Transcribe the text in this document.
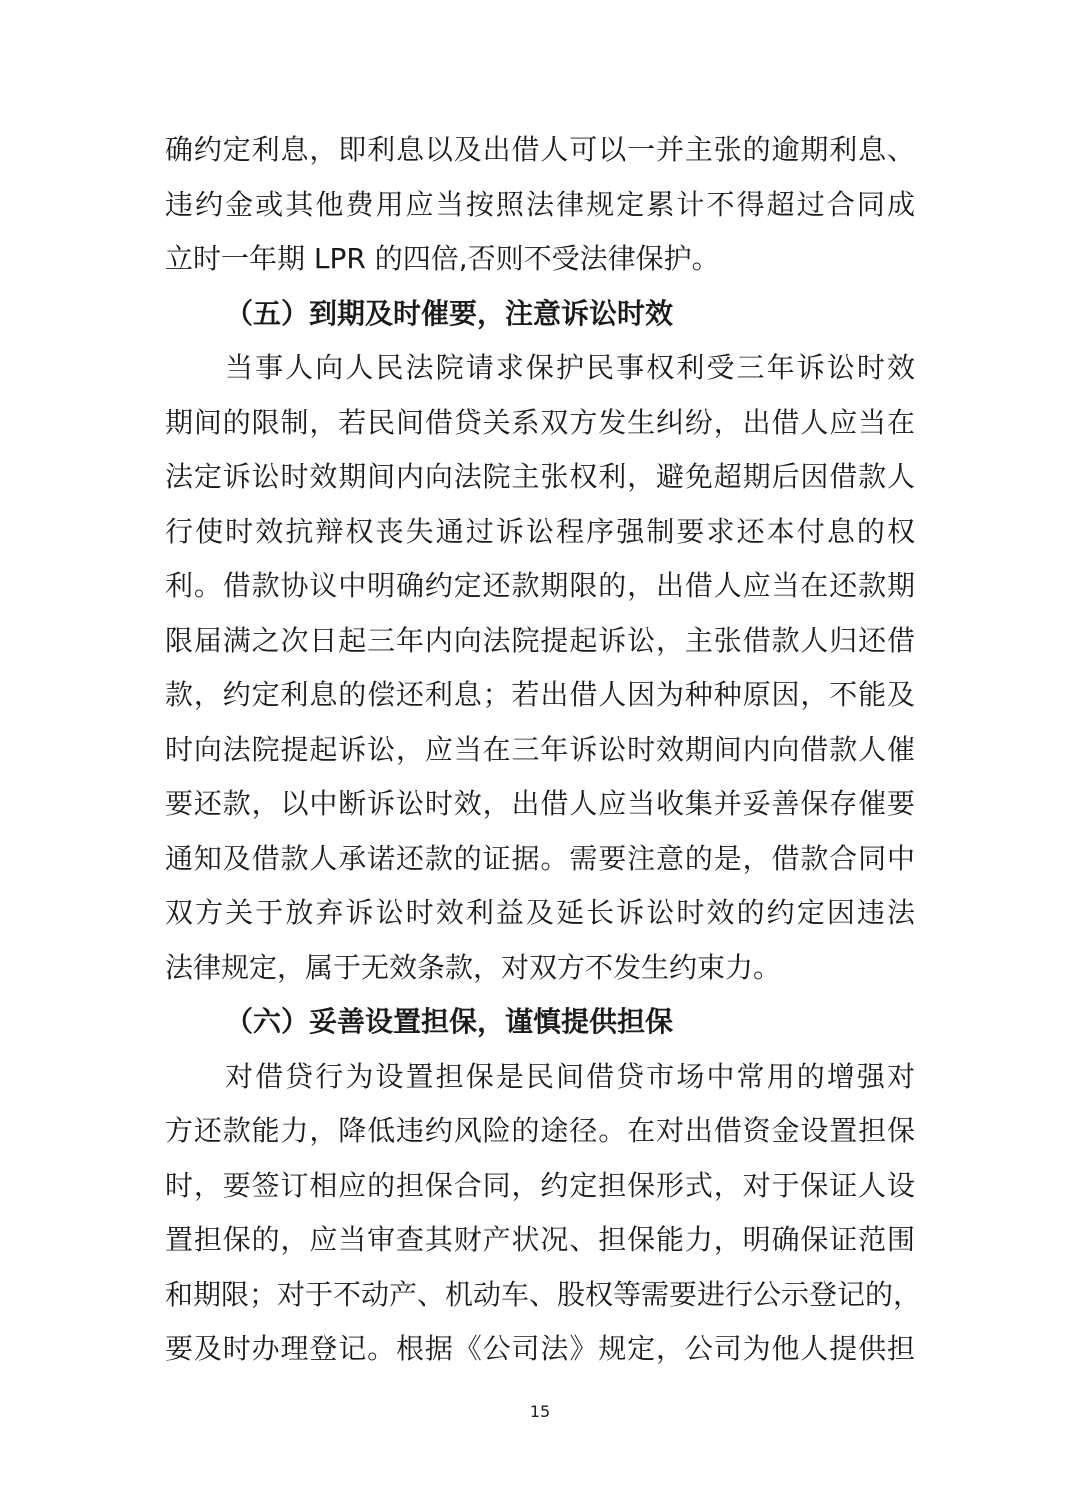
确约定利息，即利息以及出借人可以一并主张的逾期利息、
违约金或其他费用应当按照法律规定累计不得超过合同成
立时一年期 LPR 的四倍,否则不受法律保护。
（五）到期及时催要，注意诉讼时效
当事人向人民法院请求保护民事权利受三年诉讼时效
期间的限制，若民间借贷关系双方发生纠纷，出借人应当在
法定诉讼时效期间内向法院主张权利，避免超期后因借款人
行使时效抗辩权丧失通过诉讼程序强制要求还本付息的权
利。借款协议中明确约定还款期限的，出借人应当在还款期
限届满之次日起三年内向法院提起诉讼，主张借款人归还借
款，约定利息的偿还利息；若出借人因为种种原因，不能及
时向法院提起诉讼，应当在三年诉讼时效期间内向借款人催
要还款，以中断诉讼时效，出借人应当收集并妥善保存催要
通知及借款人承诺还款的证据。需要注意的是，借款合同中
双方关于放弃诉讼时效利益及延长诉讼时效的约定因违法
法律规定，属于无效条款，对双方不发生约束力。
（六）妥善设置担保，谨慎提供担保
对借贷行为设置担保是民间借贷市场中常用的增强对
方还款能力，降低违约风险的途径。在对出借资金设置担保
时，要签订相应的担保合同，约定担保形式，对于保证人设
置担保的，应当审查其财产状况、担保能力，明确保证范围
和期限；对于不动产、机动车、股权等需要进行公示登记的，
要及时办理登记。根据《公司法》规定，公司为他人提供担
15
